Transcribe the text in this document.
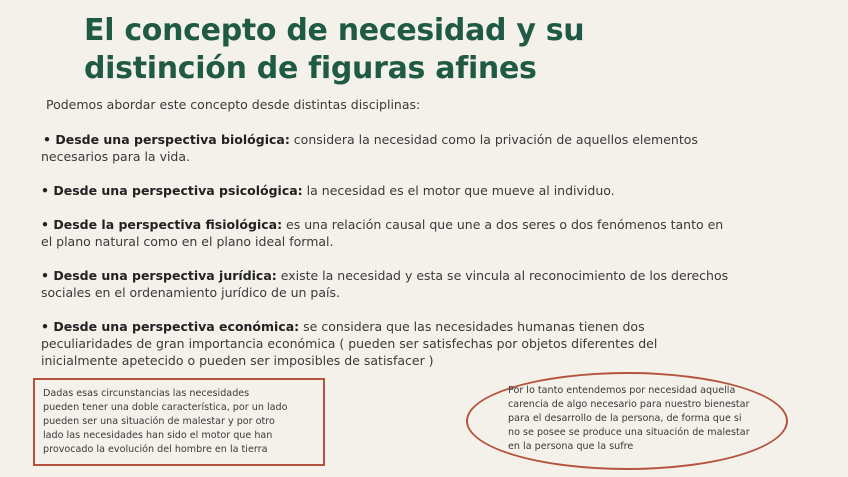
El concepto de necesidad y su
distinción de figuras afines
Podemos abordar este concepto desde distintas disciplinas:
• Desde una perspectiva biológica: considera la necesidad como la privación de aquellos elementos
necesarios para la vida.
• Desde una perspectiva psicológica: la necesidad es el motor que mueve al individuo.
• Desde la perspectiva fisiológica: es una relación causal que une a dos seres o dos fenómenos tanto en
el plano natural como en el plano ideal formal.
• Desde una perspectiva jurídica: existe la necesidad y esta se vincula al reconocimiento de los derechos
sociales en el ordenamiento jurídico de un país.
• Desde una perspectiva económica: se considera que las necesidades humanas tienen dos
peculiaridades de gran importancia económica ( pueden ser satisfechas por objetos diferentes del
inicialmente apetecido o pueden ser imposibles de satisfacer )
Dadas esas circunstancias las necesidades
pueden tener una doble característica, por un lado
pueden ser una situación de malestar y por otro
lado las necesidades han sido el motor que han
provocado la evolución del hombre en la tierra
Por lo tanto entendemos por necesidad aquella
carencia de algo necesario para nuestro bienestar
para el desarrollo de la persona, de forma que si
no se posee se produce una situación de malestar
en la persona que la sufre
